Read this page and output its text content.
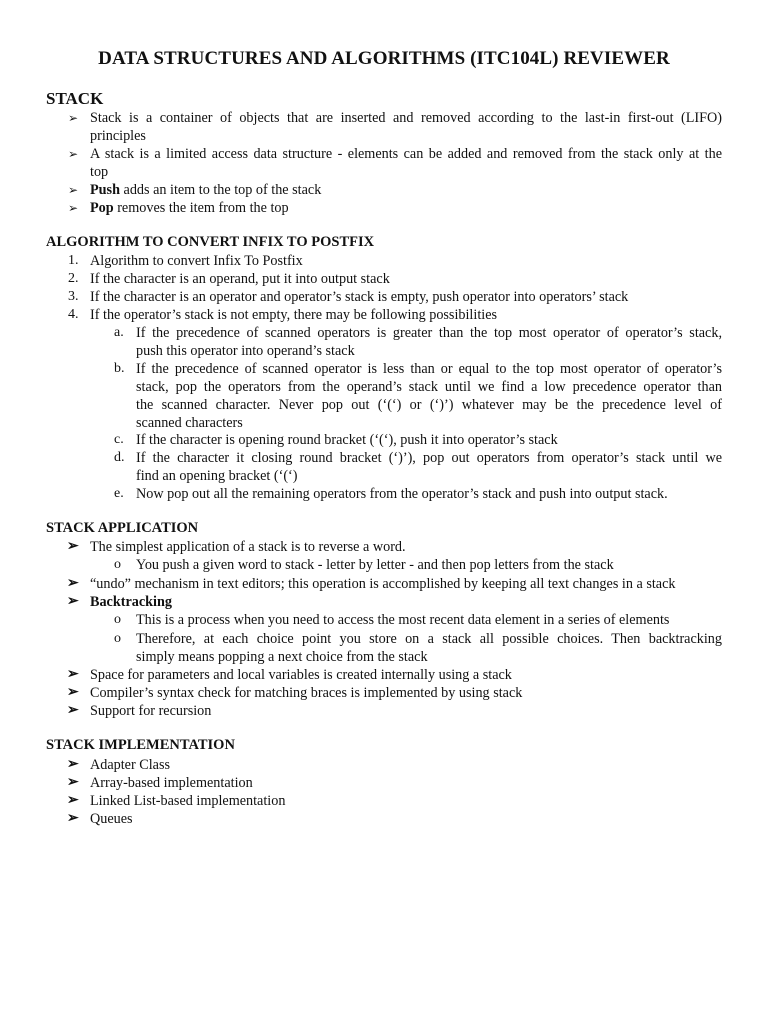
DATA STRUCTURES AND ALGORITHMS (ITC104L) REVIEWER
STACK
➢ Stack is a container of objects that are inserted and removed according to the last-in first-out (LIFO)
principles
➢ A stack is a limited access data structure - elements can be added and removed from the stack only at the
top
➢ Push adds an item to the top of the stack
➢ Pop removes the item from the top
ALGORITHM TO CONVERT INFIX TO POSTFIX
1. Algorithm to convert Infix To Postfix
2. If the character is an operand, put it into output stack
3. If the character is an operator and operator’s stack is empty, push operator into operators’ stack
4. If the operator’s stack is not empty, there may be following possibilities
a. If the precedence of scanned operators is greater than the top most operator of operator’s stack,
push this operator into operand’s stack
b. If the precedence of scanned operator is less than or equal to the top most operator of operator’s
stack, pop the operators from the operand’s stack until we find a low precedence operator than
the scanned character. Never pop out (‘(‘) or (‘)’) whatever may be the precedence level of
scanned characters
c. If the character is opening round bracket (‘(‘), push it into operator’s stack
d. If the character it closing round bracket (‘)’), pop out operators from operator’s stack until we
find an opening bracket (‘(‘)
e. Now pop out all the remaining operators from the operator’s stack and push into output stack.
STACK APPLICATION
➢ The simplest application of a stack is to reverse a word.
o You push a given word to stack - letter by letter - and then pop letters from the stack
➢ “undo” mechanism in text editors; this operation is accomplished by keeping all text changes in a stack
➢ Backtracking
o This is a process when you need to access the most recent data element in a series of elements
o Therefore, at each choice point you store on a stack all possible choices. Then backtracking
simply means popping a next choice from the stack
➢ Space for parameters and local variables is created internally using a stack
➢ Compiler’s syntax check for matching braces is implemented by using stack
➢ Support for recursion
STACK IMPLEMENTATION
➢ Adapter Class
➢ Array-based implementation
➢ Linked List-based implementation
➢ Queues
